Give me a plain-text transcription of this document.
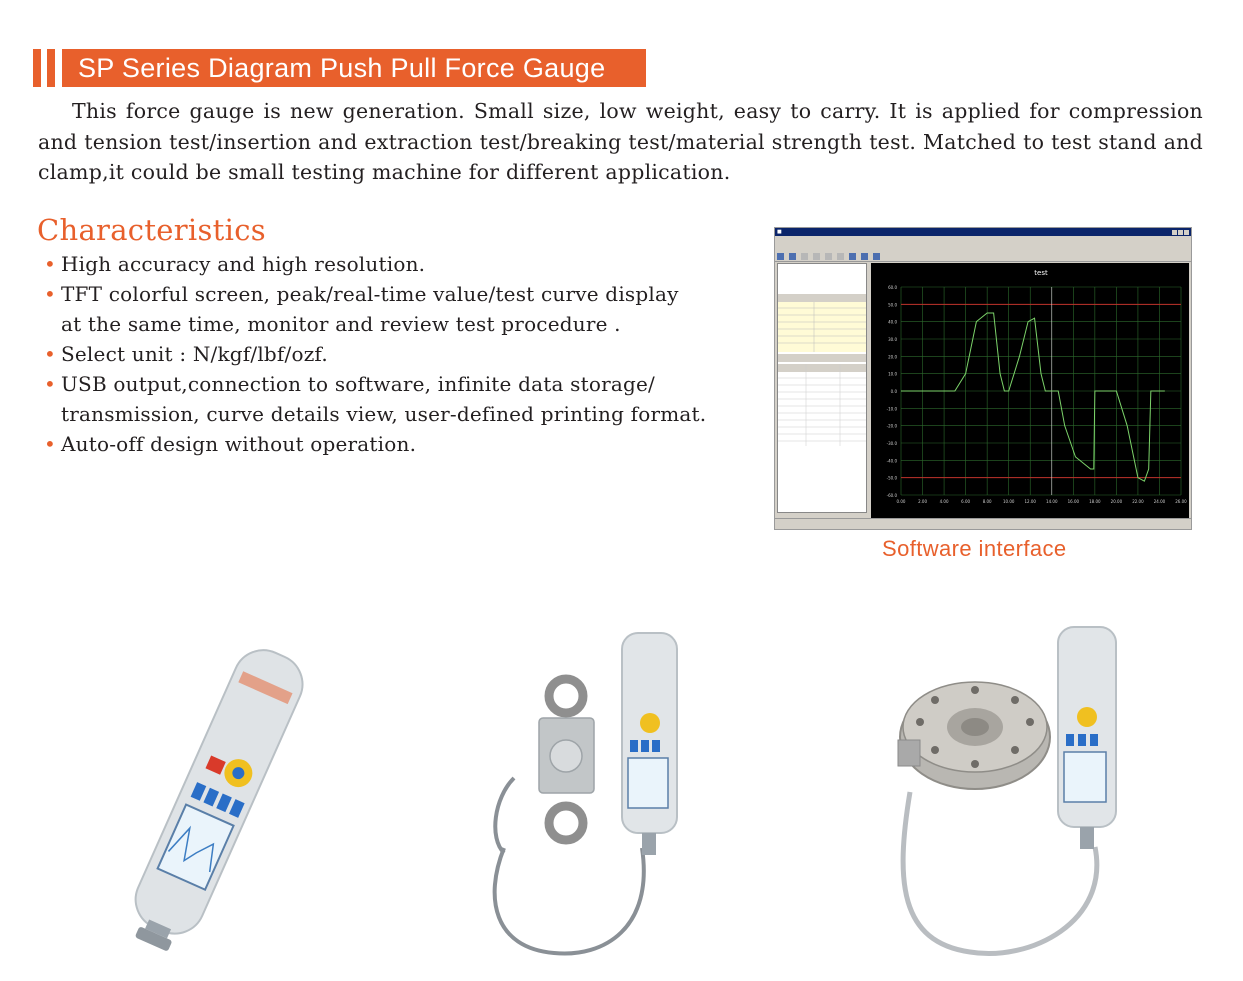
SP Series Diagram Push Pull Force Gauge

This force gauge is new generation. Small size, low weight, easy to carry. It is applied for compression and tension test/insertion and extraction test/breaking test/material strength test. Matched to test stand and clamp,it could be small testing machine for different application.

Characteristics
• High accuracy and high resolution.
• TFT colorful screen, peak/real-time value/test curve display
at the same time, monitor and review test procedure .
• Select unit : N/kgf/lbf/ozf.
• USB output,connection to software, infinite data storage/
transmission, curve details view, user-defined printing format.
• Auto-off design without operation.
■
test
60.0
50.0
40.0
30.0
20.0
10.0
0.0
-10.0
-20.0
-30.0
-40.0
-50.0
-60.0
0.00	2.00	4.00	6.00	8.00	10.00	12.00	14.00	16.00	18.00	20.00	22.00	24.00	26.00
Software interface
